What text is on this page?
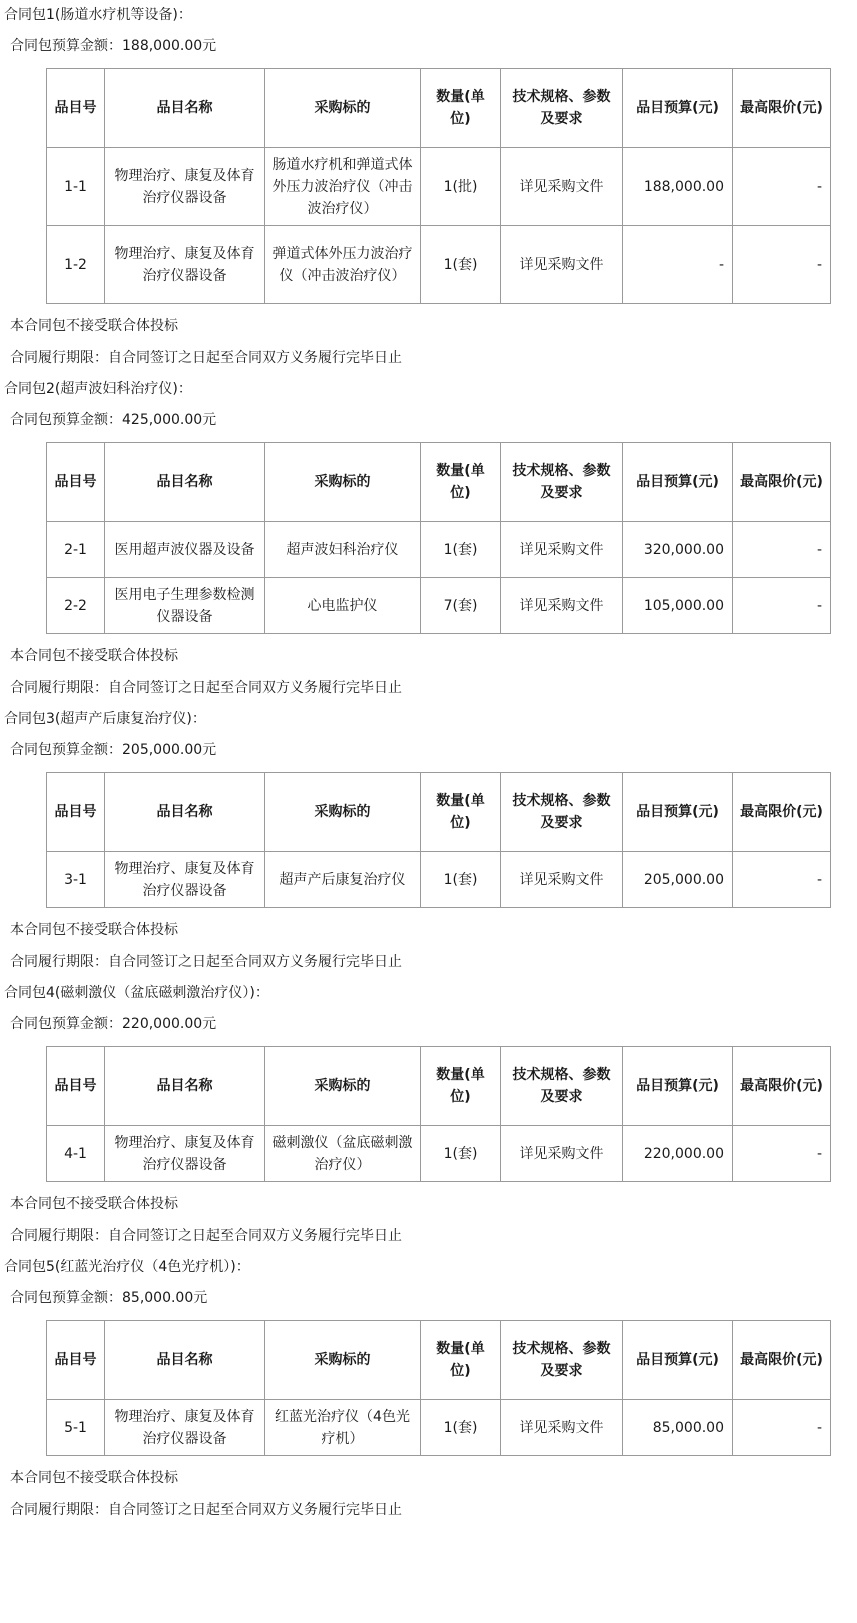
合同包1(肠道水疗机等设备)：
合同包预算金额：188,000.00元
品目号	品目名称	采购标的	数量(单位)	技术规格、参数及要求	品目预算(元)	最高限价(元)
1-1	物理治疗、康复及体育治疗仪器设备	肠道水疗机和弹道式体外压力波治疗仪（冲击波治疗仪）	1(批)	详见采购文件	188,000.00	-
1-2	物理治疗、康复及体育治疗仪器设备	弹道式体外压力波治疗仪（冲击波治疗仪）	1(套)	详见采购文件	-	-
本合同包不接受联合体投标
合同履行期限：自合同签订之日起至合同双方义务履行完毕日止
合同包2(超声波妇科治疗仪)：
合同包预算金额：425,000.00元
品目号	品目名称	采购标的	数量(单位)	技术规格、参数及要求	品目预算(元)	最高限价(元)
2-1	医用超声波仪器及设备	超声波妇科治疗仪	1(套)	详见采购文件	320,000.00	-
2-2	医用电子生理参数检测仪器设备	心电监护仪	7(套)	详见采购文件	105,000.00	-
本合同包不接受联合体投标
合同履行期限：自合同签订之日起至合同双方义务履行完毕日止
合同包3(超声产后康复治疗仪)：
合同包预算金额：205,000.00元
品目号	品目名称	采购标的	数量(单位)	技术规格、参数及要求	品目预算(元)	最高限价(元)
3-1	物理治疗、康复及体育治疗仪器设备	超声产后康复治疗仪	1(套)	详见采购文件	205,000.00	-
本合同包不接受联合体投标
合同履行期限：自合同签订之日起至合同双方义务履行完毕日止
合同包4(磁刺激仪（盆底磁刺激治疗仪）)：
合同包预算金额：220,000.00元
品目号	品目名称	采购标的	数量(单位)	技术规格、参数及要求	品目预算(元)	最高限价(元)
4-1	物理治疗、康复及体育治疗仪器设备	磁刺激仪（盆底磁刺激治疗仪）	1(套)	详见采购文件	220,000.00	-
本合同包不接受联合体投标
合同履行期限：自合同签订之日起至合同双方义务履行完毕日止
合同包5(红蓝光治疗仪（4色光疗机）)：
合同包预算金额：85,000.00元
品目号	品目名称	采购标的	数量(单位)	技术规格、参数及要求	品目预算(元)	最高限价(元)
5-1	物理治疗、康复及体育治疗仪器设备	红蓝光治疗仪（4色光疗机）	1(套)	详见采购文件	85,000.00	-
本合同包不接受联合体投标
合同履行期限：自合同签订之日起至合同双方义务履行完毕日止
